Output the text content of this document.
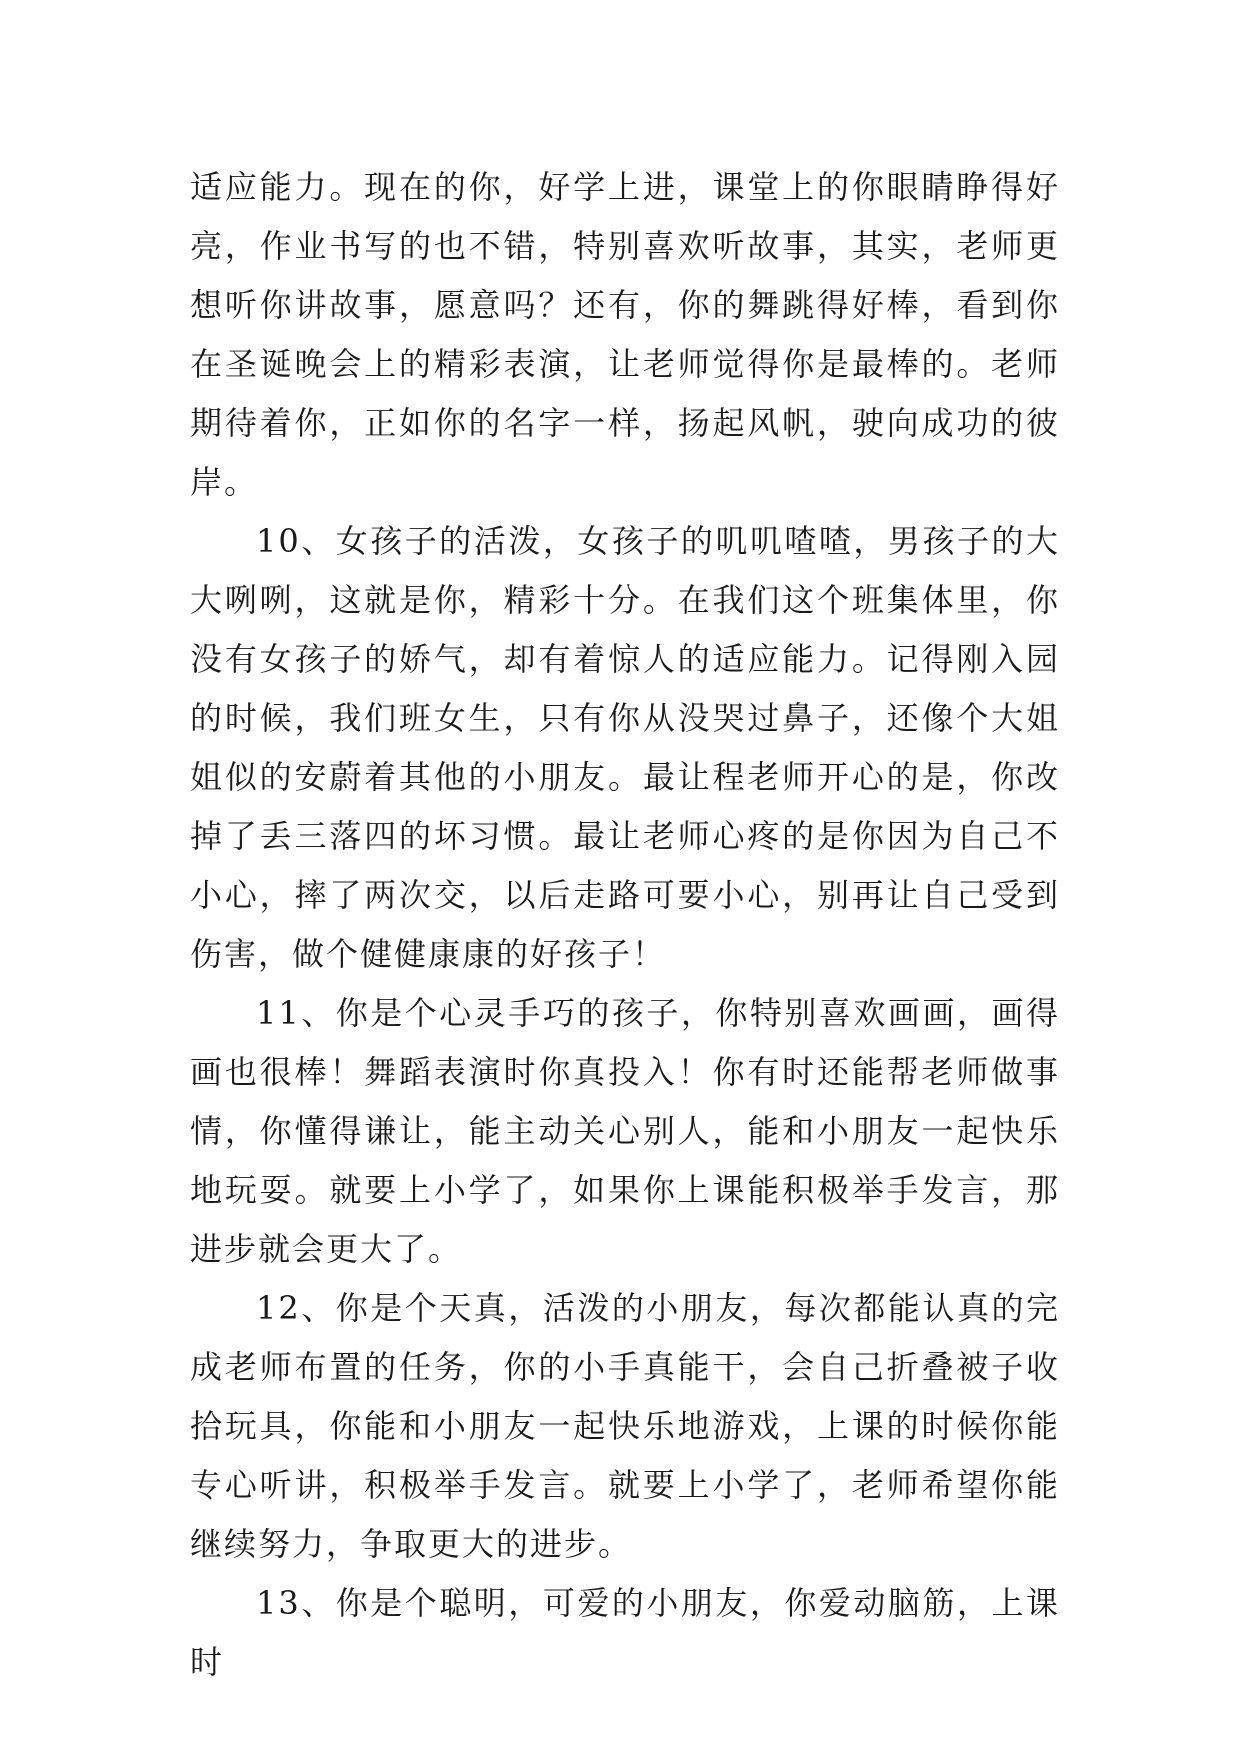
适应能力。现在的你，好学上进，课堂上的你眼睛睁得好亮，作业书写的也不错，特别喜欢听故事，其实，老师更想听你讲故事，愿意吗？还有，你的舞跳得好棒，看到你在圣诞晚会上的精彩表演，让老师觉得你是最棒的。老师期待着你，正如你的名字一样，扬起风帆，驶向成功的彼岸。

10、女孩子的活泼，女孩子的叽叽喳喳，男孩子的大大咧咧，这就是你，精彩十分。在我们这个班集体里，你没有女孩子的娇气，却有着惊人的适应能力。记得刚入园的时候，我们班女生，只有你从没哭过鼻子，还像个大姐姐似的安蔚着其他的小朋友。最让程老师开心的是，你改掉了丢三落四的坏习惯。最让老师心疼的是你因为自己不小心，摔了两次交，以后走路可要小心，别再让自己受到伤害，做个健健康康的好孩子！

11、你是个心灵手巧的孩子，你特别喜欢画画，画得画也很棒！舞蹈表演时你真投入！你有时还能帮老师做事情，你懂得谦让，能主动关心别人，能和小朋友一起快乐地玩耍。就要上小学了，如果你上课能积极举手发言，那进步就会更大了。

12、你是个天真，活泼的小朋友，每次都能认真的完成老师布置的任务，你的小手真能干，会自己折叠被子收拾玩具，你能和小朋友一起快乐地游戏，上课的时候你能专心听讲，积极举手发言。就要上小学了，老师希望你能继续努力，争取更大的进步。

13、你是个聪明，可爱的小朋友，你爱动脑筋，上课时
